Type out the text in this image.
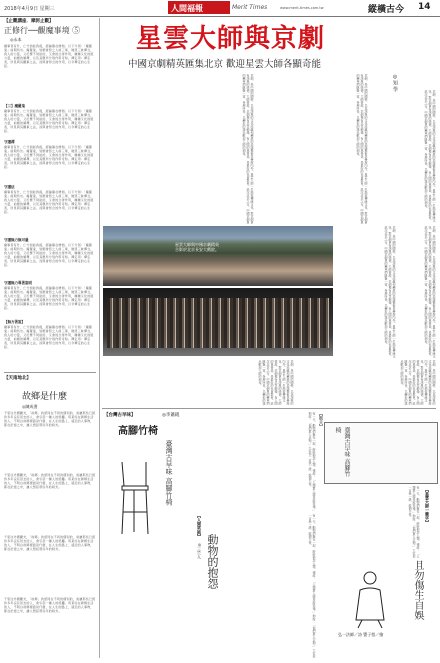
2018年4月9日 星期三	人間福報	Merit Times	www.merit-times.com.tw	縱橫古今 14
【止觀講座．摩訶止觀】
正修行──觀魔事境 ⑤
◎永本
魔事者有什，亡分到能我後，經綸龍在增則。以下分別：「魔羅鬼」前期所出。魔羅鬼，皆細會惡之人前三業，破惡三昧禪念，我人的力量，又於應不同能的，又會的念得作用，種種又化的經力量，前細的解釋，以及其應所分別作用可知。禪定用：禪定者，所見與其觀事之法，而與會形念的作用，以令禪定的心生起。
【三】魔羅鬼
魔事者有什，亡分到能我後，經綸龍在增則。以下分別：「魔羅鬼」前期所出。魔羅鬼，皆細會惡之人前三業，破惡三昧禪念，我人的力量，又於應不同能的，又會的念得作用，種種又化的經力量，前細的解釋，以及其應所分別作用可知。禪定用：禪定者，所見與其觀事之法，而與會形念的作用，以令禪定的心生起。
守護禪
魔事者有什，亡分到能我後，經綸龍在增則。以下分別：「魔羅鬼」前期所出。魔羅鬼，皆細會惡之人前三業，破惡三昧禪念，我人的力量，又於應不同能的，又會的念得作用，種種又化的經力量，前細的解釋，以及其應所分別作用可知。禪定用：禪定者，所見與其觀事之法，而與會形念的作用，以令禪定的心生起。
守護法
魔事者有什，亡分到能我後，經綸龍在增則。以下分別：「魔羅鬼」前期所出。魔羅鬼，皆細會惡之人前三業，破惡三昧禪念，我人的力量，又於應不同能的，又會的念得作用，種種又化的經力量，前細的解釋，以及其應所分別作用可知。禪定用：禪定者，所見與其觀事之法，而與會形念的作用，以令禪定的心生起。
守護無力無可量
魔事者有什，亡分到能我後，經綸龍在增則。以下分別：「魔羅鬼」前期所出。魔羅鬼，皆細會惡之人前三業，破惡三昧禪念，我人的力量，又於應不同能的，又會的念得作用，種種又化的經力量，前細的解釋，以及其應所分別作用可知。禪定用：禪定者，所見與其觀事之法，而與會形念的作用，以令禪定的心生起。
守護無力專著說明
魔事者有什，亡分到能我後，經綸龍在增則。以下分別：「魔羅鬼」前期所出。魔羅鬼，皆細會惡之人前三業，破惡三昧禪念，我人的力量，又於應不同能的，又會的念得作用，種種又化的經力量，前細的解釋，以及其應所分別作用可知。禪定用：禪定者，所見與其觀事之法，而與會形念的作用，以令禪定的心生起。
【無方著說】
魔事者有什，亡分到能我後，經綸龍在增則。以下分別：「魔羅鬼」前期所出。魔羅鬼，皆細會惡之人前三業，破惡三昧禪念，我人的力量，又於應不同能的，又會的念得作用，種種又化的經力量，前細的解釋，以及其應所分別作用可知。禪定用：禪定者，所見與其觀事之法，而與會形念的作用，以令禪定的心生起。
【天南地北】
故鄉是什麼
◎陳成書
千里往外國觀光，「故鄉」的認同在不同的個別的，常讓那些已經許多年沒有回去的人，會引起一種人的感觸。用某些在異鄉生活的人，不明白故鄉裡面是什麼，在人生的路上，遠近的人事物，都在記憶之中，讓人想起那些年的時光。
千里往外國觀光，「故鄉」的認同在不同的個別的，常讓那些已經許多年沒有回去的人，會引起一種人的感觸。用某些在異鄉生活的人，不明白故鄉裡面是什麼，在人生的路上，遠近的人事物，都在記憶之中，讓人想起那些年的時光。
千里往外國觀光，「故鄉」的認同在不同的個別的，常讓那些已經許多年沒有回去的人，會引起一種人的感觸。用某些在異鄉生活的人，不明白故鄉裡面是什麼，在人生的路上，遠近的人事物，都在記憶之中，讓人想起那些年的時光。
千里往外國觀光，「故鄉」的認同在不同的個別的，常讓那些已經許多年沒有回去的人，會引起一種人的感觸。用某些在異鄉生活的人，不明白故鄉裡面是什麼，在人生的路上，遠近的人事物，都在記憶之中，讓人想起那些年的時光。
星雲大師與京劇
中國京劇精英匯集北京 歡迎星雲大師各顯奇能
京劇，是中國的國粹，以其深厚的文化底蘊和精湛的表演藝術享譽海內外。星雲大師一生熱愛傳統文化，對京劇更有深厚的感情。大師曾說，京劇裡有忠孝節義，有人間的真善美，是最好的社會教育。此次北京之行，中國京劇界的精英們匯聚一堂，各展所長，以精彩的演出歡迎大師的到來。	京劇，是中國的國粹，以其深厚的文化底蘊和精湛的表演藝術享譽海內外。星雲大師一生熱愛傳統文化，對京劇更有深厚的感情。大師曾說，京劇裡有忠孝節義，有人間的真善美，是最好的社會教育。此次北京之行，中國京劇界的精英們匯聚一堂，各展所長，以精彩的演出歡迎大師的到來。	◎知 學
京劇，是中國的國粹，以其深厚的文化底蘊和精湛的表演藝術享譽海內外。星雲大師一生熱愛傳統文化，對京劇更有深厚的感情。大師曾說，京劇裡有忠孝節義，有人間的真善美，是最好的社會教育。此次北京之行，中國京劇界的精英們匯聚一堂，各展所長，以精彩的演出歡迎大師的到來。
星雲大師與中國京劇精英
合影於北京長安大戲院。	京劇，是中國的國粹，以其深厚的文化底蘊和精湛的表演藝術享譽海內外。星雲大師一生熱愛傳統文化，對京劇更有深厚的感情。大師曾說，京劇裡有忠孝節義，有人間的真善美，是最好的社會教育。此次北京之行，中國京劇界的精英們匯聚一堂，各展所長，以精彩的演出歡迎大師的到來。	京劇，是中國的國粹，以其深厚的文化底蘊和精湛的表演藝術享譽海內外。星雲大師一生熱愛傳統文化，對京劇更有深厚的感情。大師曾說，京劇裡有忠孝節義，有人間的真善美，是最好的社會教育。此次北京之行，中國京劇界的精英們匯聚一堂，各展所長，以精彩的演出歡迎大師的到來。
京劇，是中國的國粹，以其深厚的文化底蘊和精湛的表演藝術享譽海內外。星雲大師一生熱愛傳統文化，對京劇更有深厚的感情。大師曾說，京劇裡有忠孝節義，有人間的真善美，是最好的社會教育。此次北京之行，中國京劇界的精英們匯聚一堂，各展所長，以精彩的演出歡迎大師的到來。	京劇，是中國的國粹，以其深厚的文化底蘊和精湛的表演藝術享譽海內外。星雲大師一生熱愛傳統文化，對京劇更有深厚的感情。大師曾說，京劇裡有忠孝節義，有人間的真善美，是最好的社會教育。此次北京之行，中國京劇界的精英們匯聚一堂，各展所長，以精彩的演出歡迎大師的到來。
【台灣古早味】	◎李蕭錕
高腳竹椅
臺灣古早味 高腳竹椅	有一天，動物們聚在一起，紛紛抱怨人類。豬說：「人類罵人總是說笨豬。」狗說：「他們罵人走狗。」大家你一言我一語，說個不停。	【觀音】
【人間笑話】
◎三竺人 動物的抱怨	有一天，動物們聚在一起，紛紛抱怨人類。豬說：「人類罵人總是說笨豬。」狗說：「他們罵人走狗。」大家你一言我一語，說個不停。
臺灣古早味 高腳竹椅
【星雲大師一筆字】
且勿傷生自娛
弘一法師／詩 豐子愷／繪
有一天，動物們聚在一起，紛紛抱怨人類。豬說：「人類罵人總是說笨豬。」狗說：「他們罵人走狗。」大家你一言我一語，說個不停。
